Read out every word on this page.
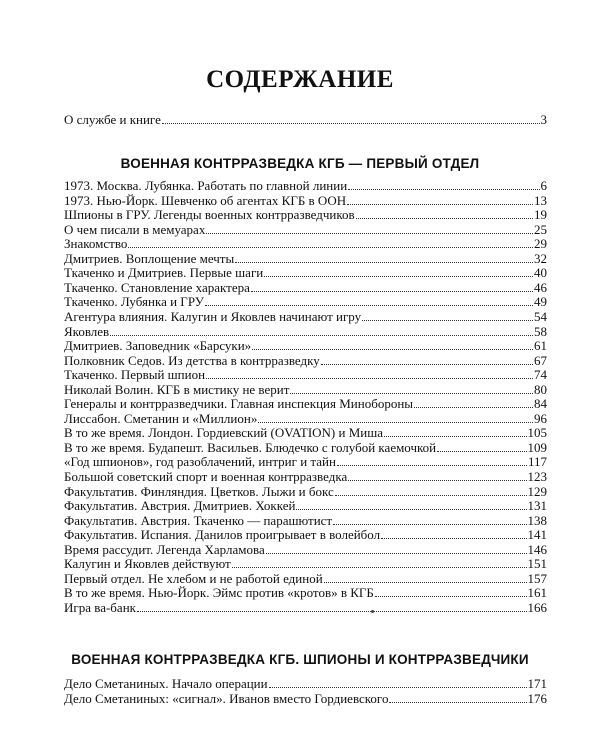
СОДЕРЖАНИЕ
О службе и книге	3
ВОЕННАЯ КОНТРРАЗВЕДКА КГБ — ПЕРВЫЙ ОТДЕЛ
1973. Москва. Лубянка. Работать по главной линии	6
1973. Нью-Йорк. Шевченко об агентах КГБ в ООН	13
Шпионы в ГРУ. Легенды военных контрразведчиков	19
О чем писали в мемуарах	25
Знакомство	29
Дмитриев. Воплощение мечты	32
Ткаченко и Дмитриев. Первые шаги	40
Ткаченко. Становление характера	46
Ткаченко. Лубянка и ГРУ	49
Агентура влияния. Калугин и Яковлев начинают игру	54
Яковлев	58
Дмитриев. Заповедник «Барсуки»	61
Полковник Седов. Из детства в контрразведку	67
Ткаченко. Первый шпион	74
Николай Волин. КГБ в мистику не верит	80
Генералы и контрразведчики. Главная инспекция Минобороны	84
Лиссабон. Сметанин и «Миллион»	96
В то же время. Лондон. Гордиевский (OVATION) и Миша	105
В то же время. Будапешт. Васильев. Блюдечко с голубой каемочкой	109
«Год шпионов», год разоблачений, интриг и тайн	117
Большой советский спорт и военная контрразведка	123
Факультатив. Финляндия. Цветков. Лыжи и бокс	129
Факультатив. Австрия. Дмитриев. Хоккей	131
Факультатив. Австрия. Ткаченко — парашютист	138
Факультатив. Испания. Данилов проигрывает в волейбол	141
Время рассудит. Легенда Харламова	146
Калугин и Яковлев действуют	151
Первый отдел. Не хлебом и не работой единой	157
В то же время. Нью-Йорк. Эймс против «кротов» в КГБ	161
Игра ва-банк	166
ВОЕННАЯ КОНТРРАЗВЕДКА КГБ. ШПИОНЫ И КОНТРРАЗВЕДЧИКИ
Дело Сметаниных. Начало операции	171
Дело Сметаниных: «сигнал». Иванов вместо Гордиевского	176
